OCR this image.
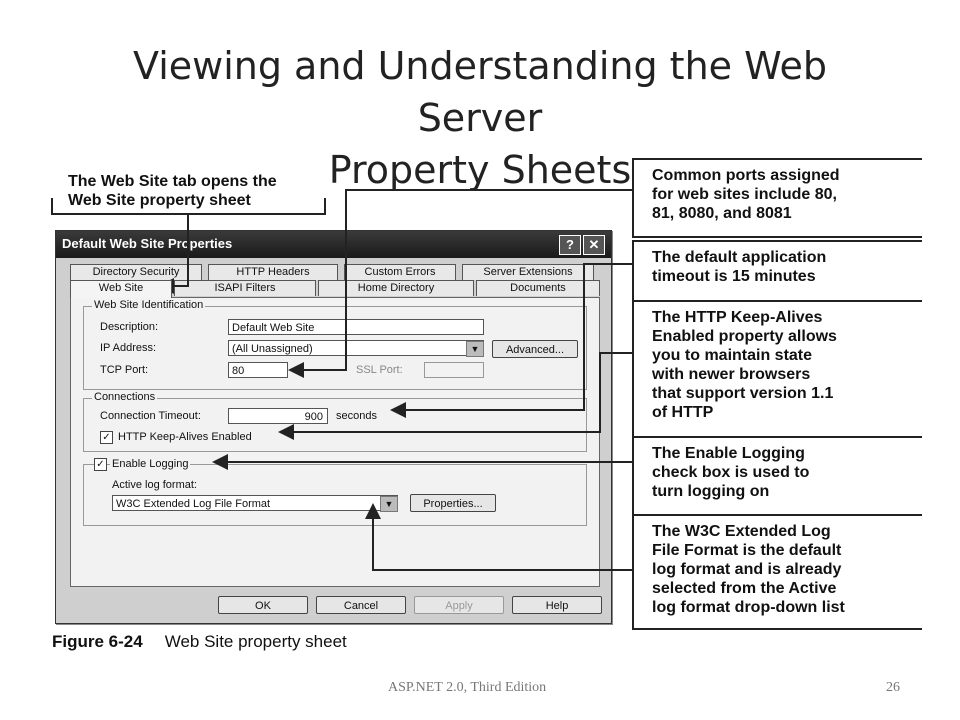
Viewing and Understanding the Web Server
Property Sheets
The Web Site tab opens the
Web Site property sheet
Common ports assigned
for web sites include 80,
81, 8080, and 8081
The default application
timeout is 15 minutes
The HTTP Keep-Alives
Enabled property allows
you to maintain state
with newer browsers
that support version 1.1
of HTTP
The Enable Logging
check box is used to
turn logging on
The W3C Extended Log
File Format is the default
log format and is already
selected from the Active
log format drop-down list
Default Web Site Properties	?	✕
Directory Security	HTTP Headers	Custom Errors	Server Extensions
Web Site	ISAPI Filters	Home Directory	Documents
Web Site Identification
Description:	Default Web Site
IP Address:	(All Unassigned)	▼	Advanced...
TCP Port:	80	SSL Port:
Connections
Connection Timeout:	900	seconds
✓ HTTP Keep-Alives Enabled
✓ Enable Logging
Active log format:
W3C Extended Log File Format	▼	Properties...
OK	Cancel	Apply	Help
Figure 6-24 Web Site property sheet
ASP.NET 2.0, Third Edition	26
